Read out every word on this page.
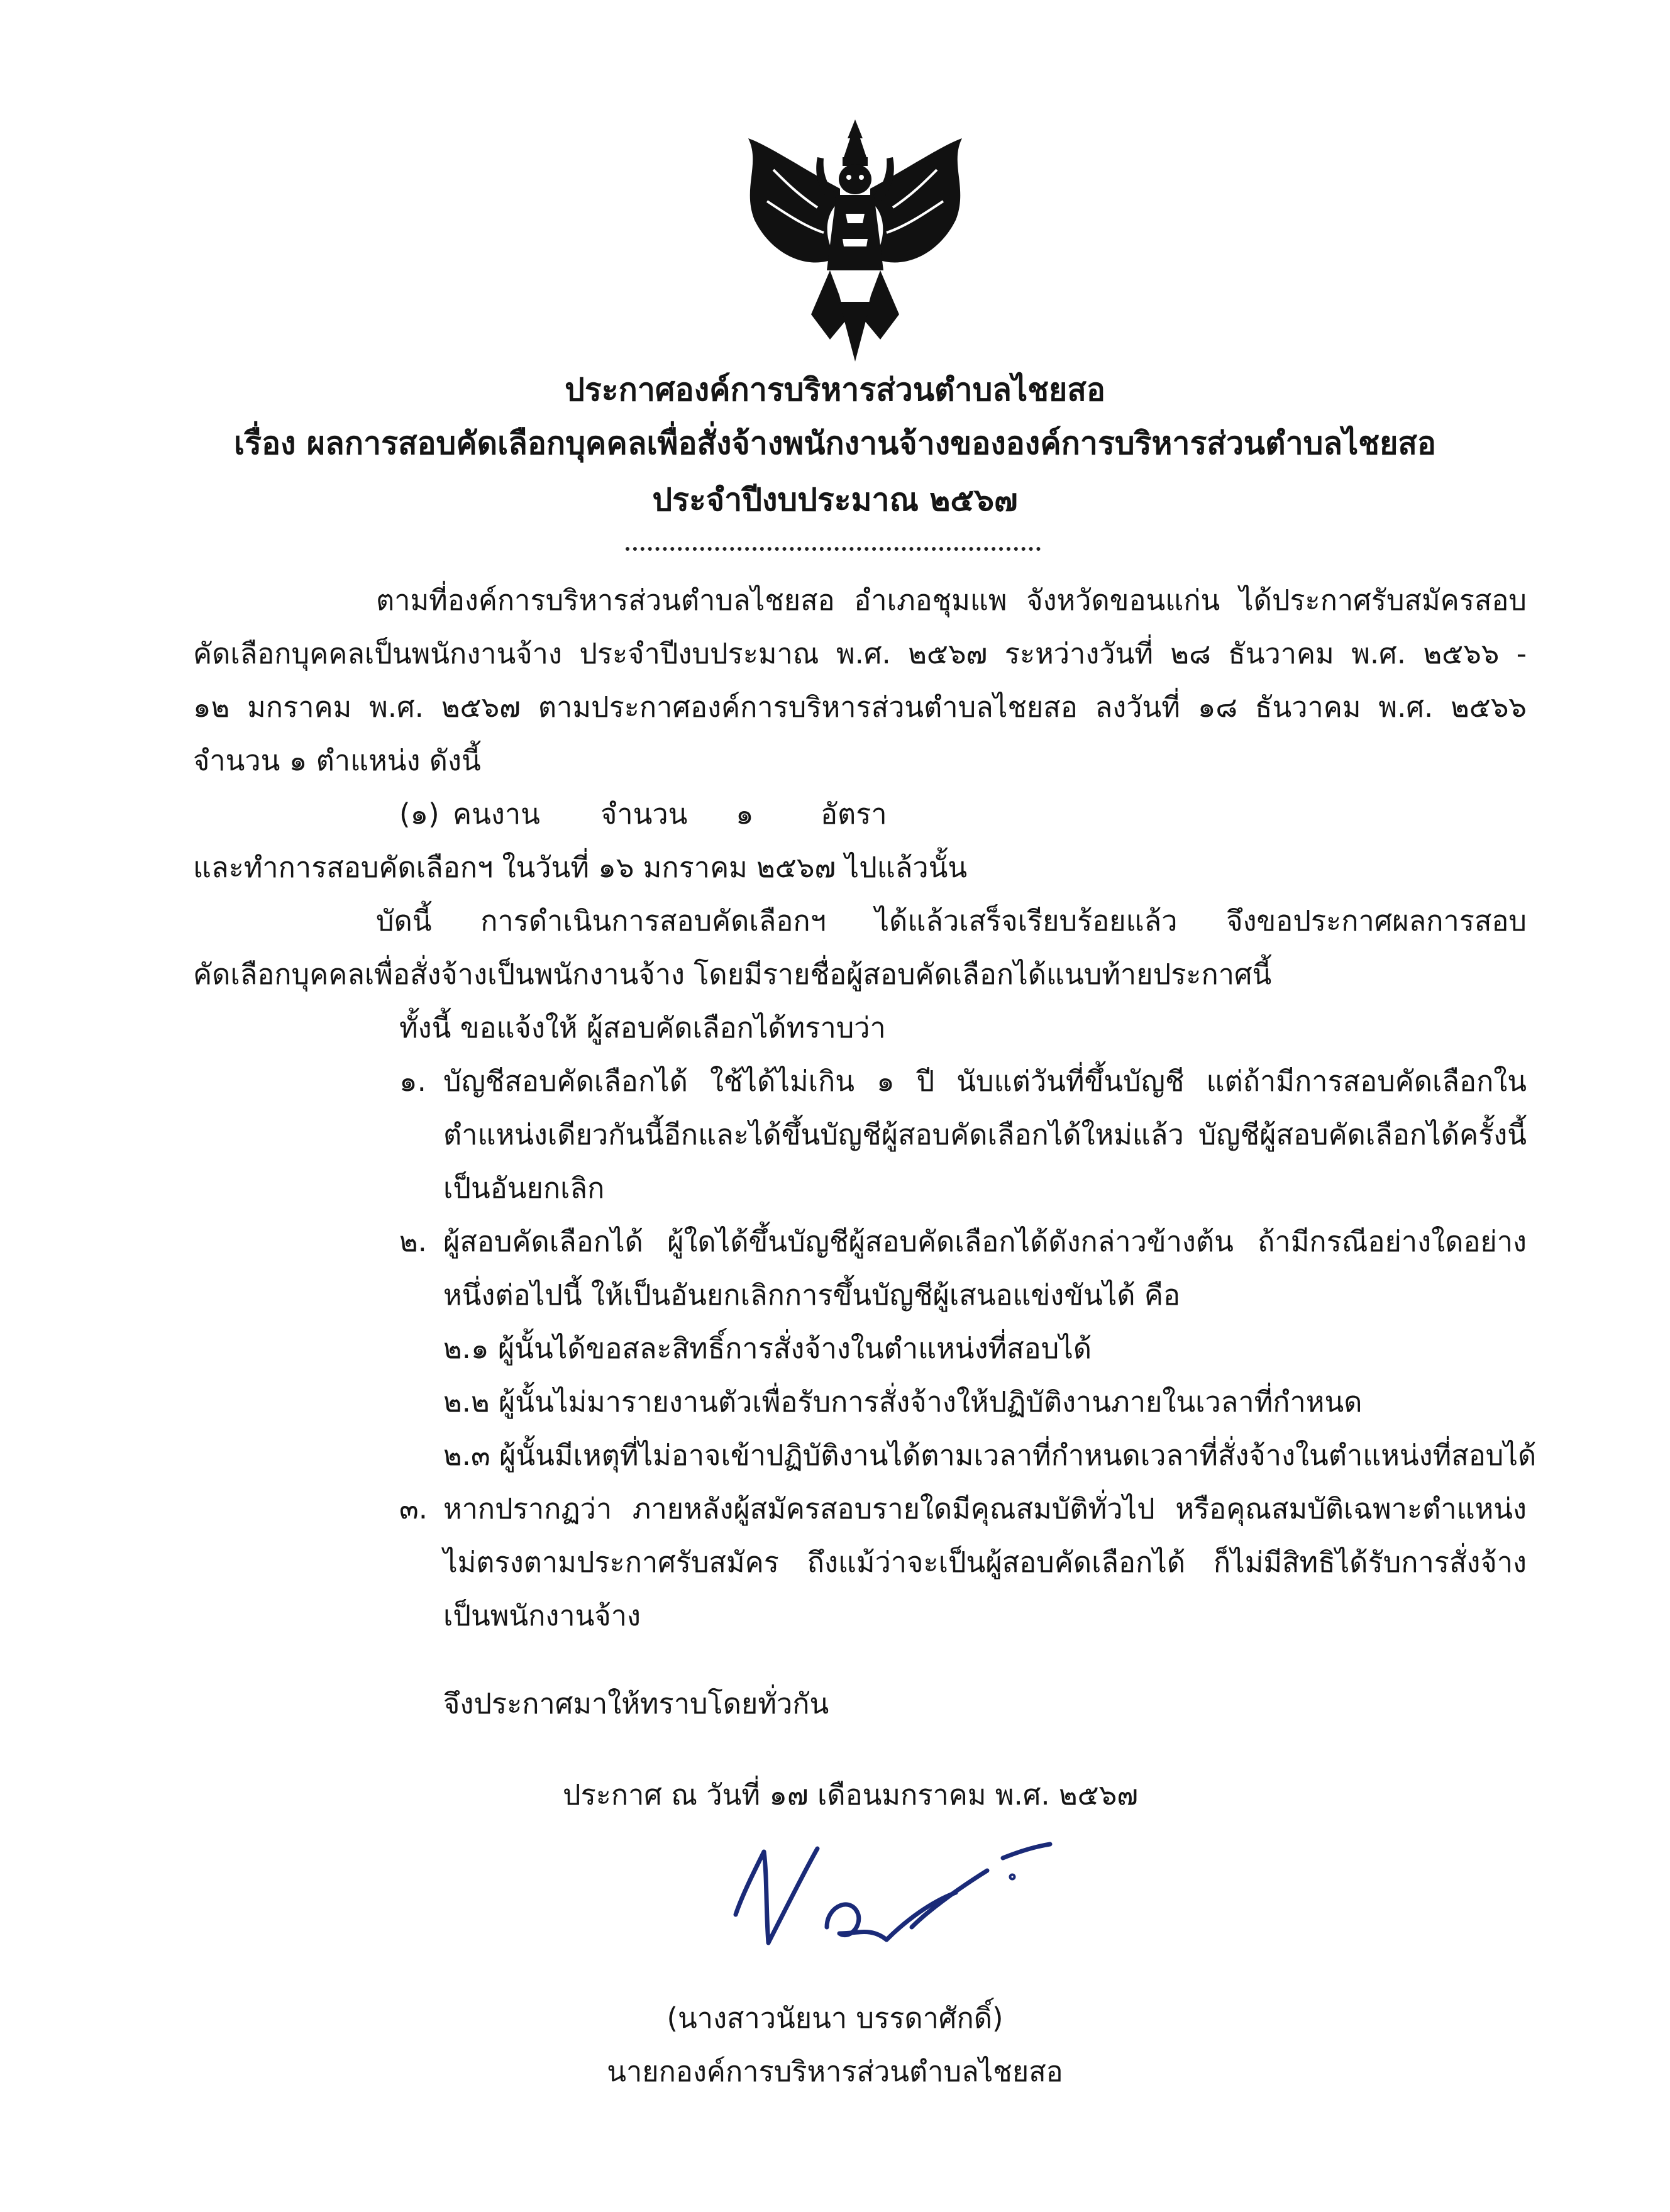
ประกาศองค์การบริหารส่วนตำบลไชยสอ
เรื่อง ผลการสอบคัดเลือกบุคคลเพื่อสั่งจ้างพนักงานจ้างขององค์การบริหารส่วนตำบลไชยสอ
ประจำปีงบประมาณ ๒๕๖๗
ตามที่องค์การบริหารส่วนตำบลไชยสอ อำเภอชุมแพ จังหวัดขอนแก่น ได้ประกาศรับสมัครสอบ
คัดเลือกบุคคลเป็นพนักงานจ้าง ประจำปีงบประมาณ พ.ศ. ๒๕๖๗ ระหว่างวันที่ ๒๘ ธันวาคม พ.ศ. ๒๕๖๖ -
๑๒ มกราคม พ.ศ. ๒๕๖๗ ตามประกาศองค์การบริหารส่วนตำบลไชยสอ ลงวันที่ ๑๘ ธันวาคม พ.ศ. ๒๕๖๖
จำนวน ๑ ตำแหน่ง ดังนี้
(๑) คนงาน จำนวน ๑ อัตรา
และทำการสอบคัดเลือกฯ ในวันที่ ๑๖ มกราคม ๒๕๖๗ ไปแล้วนั้น
บัดนี้ การดำเนินการสอบคัดเลือกฯ ได้แล้วเสร็จเรียบร้อยแล้ว จึงขอประกาศผลการสอบ
คัดเลือกบุคคลเพื่อสั่งจ้างเป็นพนักงานจ้าง โดยมีรายชื่อผู้สอบคัดเลือกได้แนบท้ายประกาศนี้
ทั้งนี้ ขอแจ้งให้ ผู้สอบคัดเลือกได้ทราบว่า
๑. บัญชีสอบคัดเลือกได้ ใช้ได้ไม่เกิน ๑ ปี นับแต่วันที่ขึ้นบัญชี แต่ถ้ามีการสอบคัดเลือกใน
ตำแหน่งเดียวกันนี้อีกและได้ขึ้นบัญชีผู้สอบคัดเลือกได้ใหม่แล้ว บัญชีผู้สอบคัดเลือกได้ครั้งนี้
เป็นอันยกเลิก
๒. ผู้สอบคัดเลือกได้ ผู้ใดได้ขึ้นบัญชีผู้สอบคัดเลือกได้ดังกล่าวข้างต้น ถ้ามีกรณีอย่างใดอย่าง
หนึ่งต่อไปนี้ ให้เป็นอันยกเลิกการขึ้นบัญชีผู้เสนอแข่งขันได้ คือ
๒.๑ ผู้นั้นได้ขอสละสิทธิ์การสั่งจ้างในตำแหน่งที่สอบได้
๒.๒ ผู้นั้นไม่มารายงานตัวเพื่อรับการสั่งจ้างให้ปฏิบัติงานภายในเวลาที่กำหนด
๒.๓ ผู้นั้นมีเหตุที่ไม่อาจเข้าปฏิบัติงานได้ตามเวลาที่กำหนดเวลาที่สั่งจ้างในตำแหน่งที่สอบได้
๓. หากปรากฏว่า ภายหลังผู้สมัครสอบรายใดมีคุณสมบัติทั่วไป หรือคุณสมบัติเฉพาะตำแหน่ง
ไม่ตรงตามประกาศรับสมัคร ถึงแม้ว่าจะเป็นผู้สอบคัดเลือกได้ ก็ไม่มีสิทธิได้รับการสั่งจ้าง
เป็นพนักงานจ้าง
จึงประกาศมาให้ทราบโดยทั่วกัน
ประกาศ ณ วันที่ ๑๗ เดือนมกราคม พ.ศ. ๒๕๖๗
(นางสาวนัยนา บรรดาศักดิ์)
นายกองค์การบริหารส่วนตำบลไชยสอ
